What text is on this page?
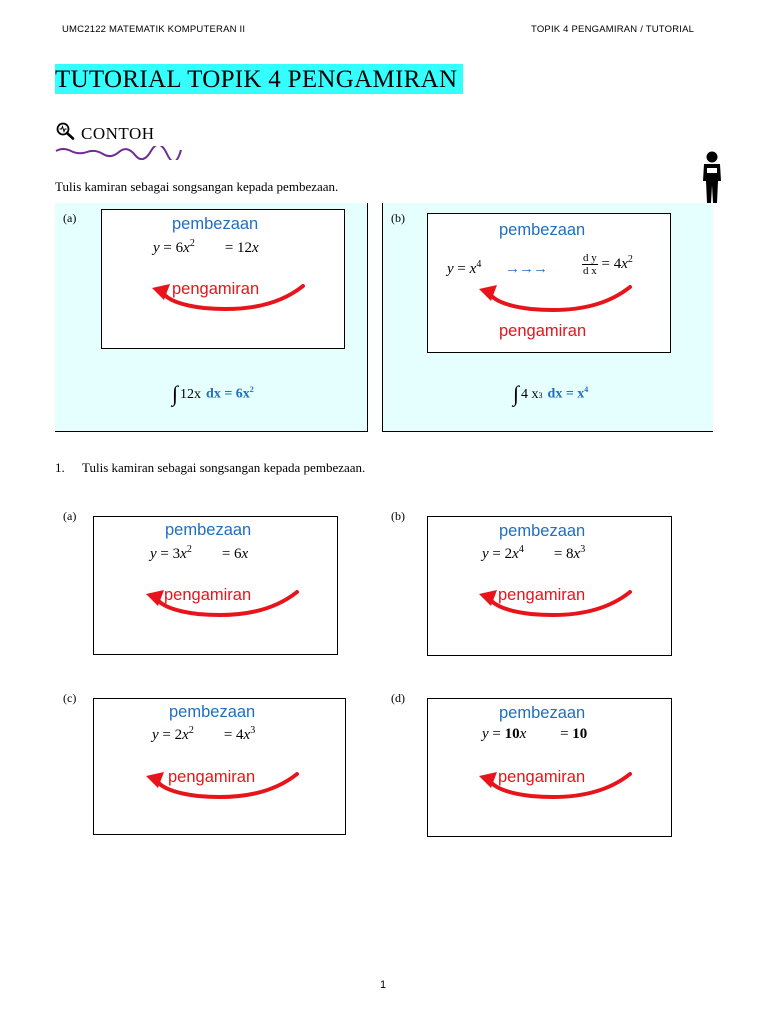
UMC2122 MATEMATIK KOMPUTERAN II	TOPIK 4 PENGAMIRAN / TUTORIAL
TUTORIAL TOPIK 4 PENGAMIRAN
CONTOH
Tulis kamiran sebagai songsangan kepada pembezaan.
(a)	pembezaan
$y = 6x^2$        = 12x
pengamiran
∫ 12x dx = $6x^2$
(b)
pembezaan
$y = x^4$ →→→	$\frac{\text{d y}}{\text{d x}} = 4x^2$
pengamiran
∫ 4 x 3 dx = $x^4$
1. Tulis kamiran sebagai songsangan kepada pembezaan.
(a)
pembezaan
$y = 3x^2$        = 6x
pengamiran
(b)
pembezaan
$y = 2x^4$        = $8x^3$
pengamiran
(c)
pembezaan
$y = 2x^2$        = $4x^3$
pengamiran
(d)
pembezaan
y = 10x         = 10
pengamiran
1
